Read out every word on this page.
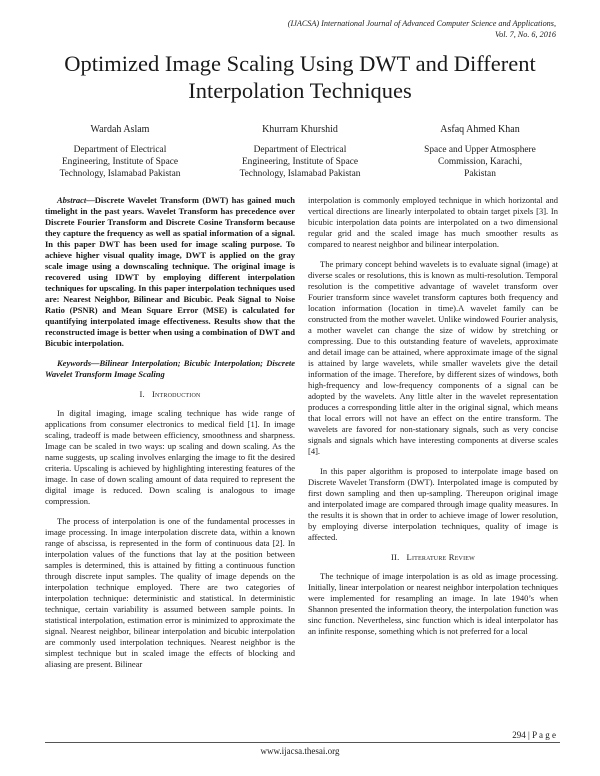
(IJACSA) International Journal of Advanced Computer Science and Applications,
Vol. 7, No. 6, 2016
Optimized Image Scaling Using DWT and Different
Interpolation Techniques
Wardah Aslam
Department of Electrical
Engineering, Institute of Space
Technology, Islamabad Pakistan
Khurram Khurshid
Department of Electrical
Engineering, Institute of Space
Technology, Islamabad Pakistan
Asfaq Ahmed Khan
Space and Upper Atmosphere
Commission, Karachi,
Pakistan

Abstract—Discrete Wavelet Transform (DWT) has gained much timelight in the past years. Wavelet Transform has precedence over Discrete Fourier Transform and Discrete Cosine Transform because they capture the frequency as well as spatial information of a signal. In this paper DWT has been used for image scaling purpose. To achieve higher visual quality image, DWT is applied on the gray scale image using a downscaling technique. The original image is recovered using IDWT by employing different interpolation techniques for upscaling. In this paper interpolation techniques used are: Nearest Neighbor, Bilinear and Bicubic. Peak Signal to Noise Ratio (PSNR) and Mean Square Error (MSE) is calculated for quantifying interpolated image effectiveness. Results show that the reconstructed image is better when using a combination of DWT and Bicubic interpolation.

Keywords—Bilinear Interpolation; Bicubic Interpolation; Discrete Wavelet Transform Image Scaling

I. Introduction

In digital imaging, image scaling technique has wide range of applications from consumer electronics to medical field [1]. In image scaling, tradeoff is made between efficiency, smoothness and sharpness. Image can be scaled in two ways: up scaling and down scaling. As the name suggests, up scaling involves enlarging the image to fit the desired criteria. Upscaling is achieved by highlighting interesting features of the image. In case of down scaling amount of data required to represent the digital image is reduced. Down scaling is analogous to image compression.

The process of interpolation is one of the fundamental processes in image processing. In image interpolation discrete data, within a known range of abscissa, is represented in the form of continuous data [2]. In interpolation values of the functions that lay at the position between samples is determined, this is attained by fitting a continuous function through discrete input samples. The quality of image depends on the interpolation technique employed. There are two categories of interpolation technique: deterministic and statistical. In deterministic technique, certain variability is assumed between sample points. In statistical interpolation, estimation error is minimized to approximate the signal. Nearest neighbor, bilinear interpolation and bicubic interpolation are commonly used interpolation techniques. Nearest neighbor is the simplest technique but in scaled image the effects of blocking and aliasing are present. Bilinear

interpolation is commonly employed technique in which horizontal and vertical directions are linearly interpolated to obtain target pixels [3]. In bicubic interpolation data points are interpolated on a two dimensional regular grid and the scaled image has much smoother results as compared to nearest neighbor and bilinear interpolation.

The primary concept behind wavelets is to evaluate signal (image) at diverse scales or resolutions, this is known as multi-resolution. Temporal resolution is the competitive advantage of wavelet transform over Fourier transform since wavelet transform captures both frequency and location information (location in time).A wavelet family can be constructed from the mother wavelet. Unlike windowed Fourier analysis, a mother wavelet can change the size of widow by stretching or compressing. Due to this outstanding feature of wavelets, approximate and detail image can be attained, where approximate image of the signal is attained by large wavelets, while smaller wavelets give the detail information of the image. Therefore, by different sizes of windows, both high-frequency and low-frequency components of a signal can be adopted by the wavelets. Any little alter in the wavelet representation produces a corresponding little alter in the original signal, which means that local errors will not have an effect on the entire transform. The wavelets are favored for non-stationary signals, such as very concise signals and signals which have interesting components at diverse scales [4].

In this paper algorithm is proposed to interpolate image based on Discrete Wavelet Transform (DWT). Interpolated image is computed by first down sampling and then up-sampling. Thereupon original image and interpolated image are compared through image quality measures. In the results it is shown that in order to achieve image of lower resolution, by employing diverse interpolation techniques, quality of image is affected.

II. Literature Review

The technique of image interpolation is as old as image processing. Initially, linear interpolation or nearest neighbor interpolation techniques were implemented for resampling an image. In late 1940’s when Shannon presented the information theory, the interpolation function was sinc function. Nevertheless, sinc function which is ideal interpolator has an infinite response, something which is not preferred for a local

294 | P a g e
www.ijacsa.thesai.org
